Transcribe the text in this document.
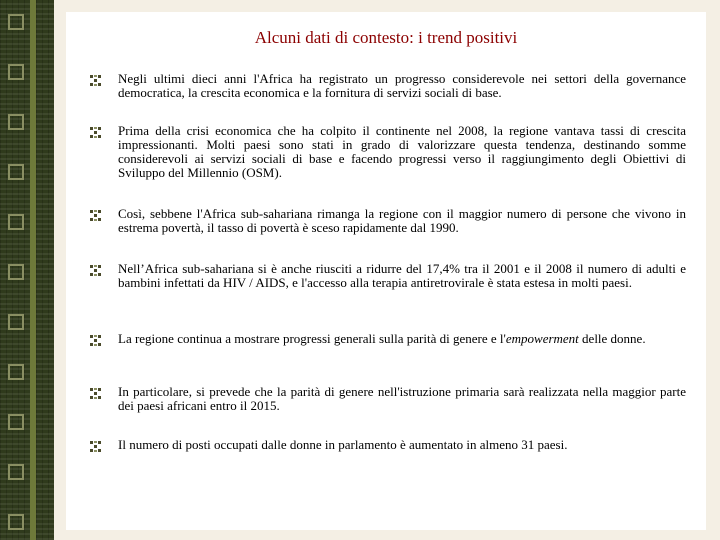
Alcuni dati di contesto: i trend positivi
Negli ultimi dieci anni l'Africa ha registrato un progresso considerevole nei settori della governance democratica, la crescita economica e la fornitura di servizi sociali di base.
Prima della crisi economica che ha colpito il continente nel 2008, la regione vantava tassi di crescita impressionanti. Molti paesi sono stati in grado di valorizzare questa tendenza, destinando somme considerevoli ai servizi sociali di base e facendo progressi verso il raggiungimento degli Obiettivi di Sviluppo del Millennio (OSM).
Così, sebbene l'Africa sub-sahariana rimanga la regione con il maggior numero di persone che vivono in estrema povertà, il tasso di povertà è sceso rapidamente dal 1990.
Nell’Africa sub-sahariana si è anche riusciti a ridurre del 17,4% tra il 2001 e il 2008 il numero di adulti e bambini infettati da HIV / AIDS, e l'accesso alla terapia antiretrovirale è stata estesa in molti paesi.
La regione continua a mostrare progressi generali sulla parità di genere e l'empowerment delle donne.
In particolare, si prevede che la parità di genere nell'istruzione primaria sarà realizzata nella maggior parte dei paesi africani entro il 2015.
Il numero di posti occupati dalle donne in parlamento è aumentato in almeno 31 paesi.
